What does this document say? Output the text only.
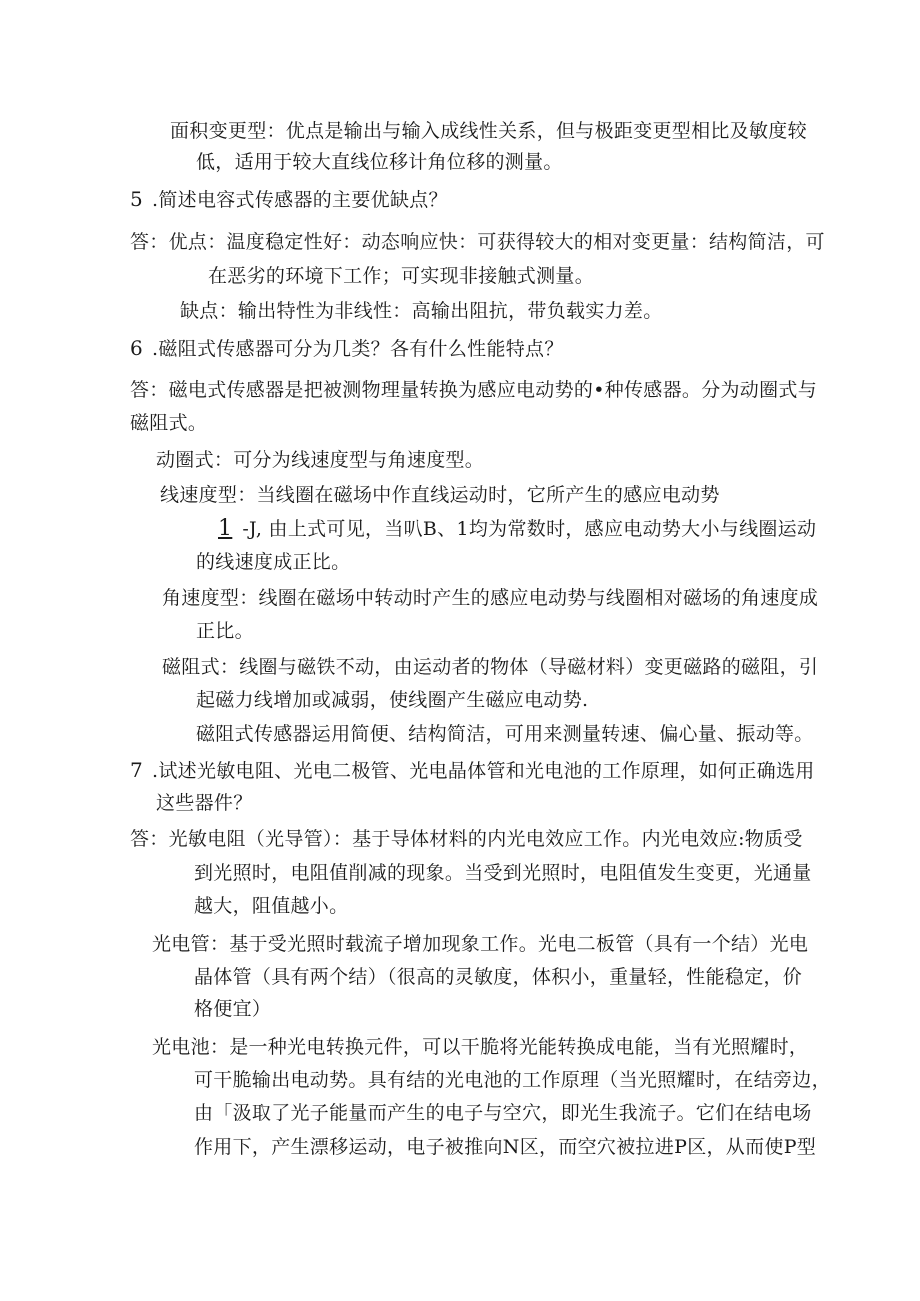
面积变更型：优点是输出与输入成线性关系，但与极距变更型相比及敏度较
低，适用于较大直线位移计角位移的测量。
5 .简述电容式传感器的主要优缺点？
答：优点：温度稳定性好：动态响应快：可获得较大的相对变更量：结构简洁，可
在恶劣的环境下工作；可实现非接触式测量。
缺点：输出特性为非线性：高输出阻抗，带负载实力差。
6 .磁阻式传感器可分为几类？各有什么性能特点？
答：磁电式传感器是把被测物理量转换为感应电动势的•种传感器。分为动圈式与
磁阻式。
动圈式：可分为线速度型与角速度型。
线速度型：当线圈在磁场中作直线运动时，它所产生的感应电动势
1 -J, 由上式可见，当叭B、1均为常数时，感应电动势大小与线圈运动
的线速度成正比。
角速度型：线圈在磁场中转动时产生的感应电动势与线圈相对磁场的角速度成
正比。
磁阻式：线圈与磁铁不动，由运动者的物体（导磁材料）变更磁路的磁阻，引
起磁力线增加或减弱，使线圈产生磁应电动势.
磁阻式传感器运用简便、结构简洁，可用来测量转速、偏心量、振动等。
7 .试述光敏电阻、光电二极管、光电晶体管和光电池的工作原理，如何正确选用
这些器件？
答：光敏电阻（光导管）：基于导体材料的内光电效应工作。内光电效应:物质受
到光照时，电阻值削减的现象。当受到光照时，电阻值发生变更，光通量
越大，阻值越小。
光电管：基于受光照时载流子增加现象工作。光电二板管（具有一个结）光电
晶体管（具有两个结）（很高的灵敏度，体积小，重量轻，性能稳定，价
格便宜）
光电池：是一种光电转换元件，可以干脆将光能转换成电能，当有光照耀时，
可干脆输出电动势。具有结的光电池的工作原理（当光照耀时，在结旁边，
由「汲取了光子能量而产生的电子与空穴，即光生我流子。它们在结电场
作用下，产生漂移运动，电子被推向N区，而空穴被拉进P区，从而使P型
